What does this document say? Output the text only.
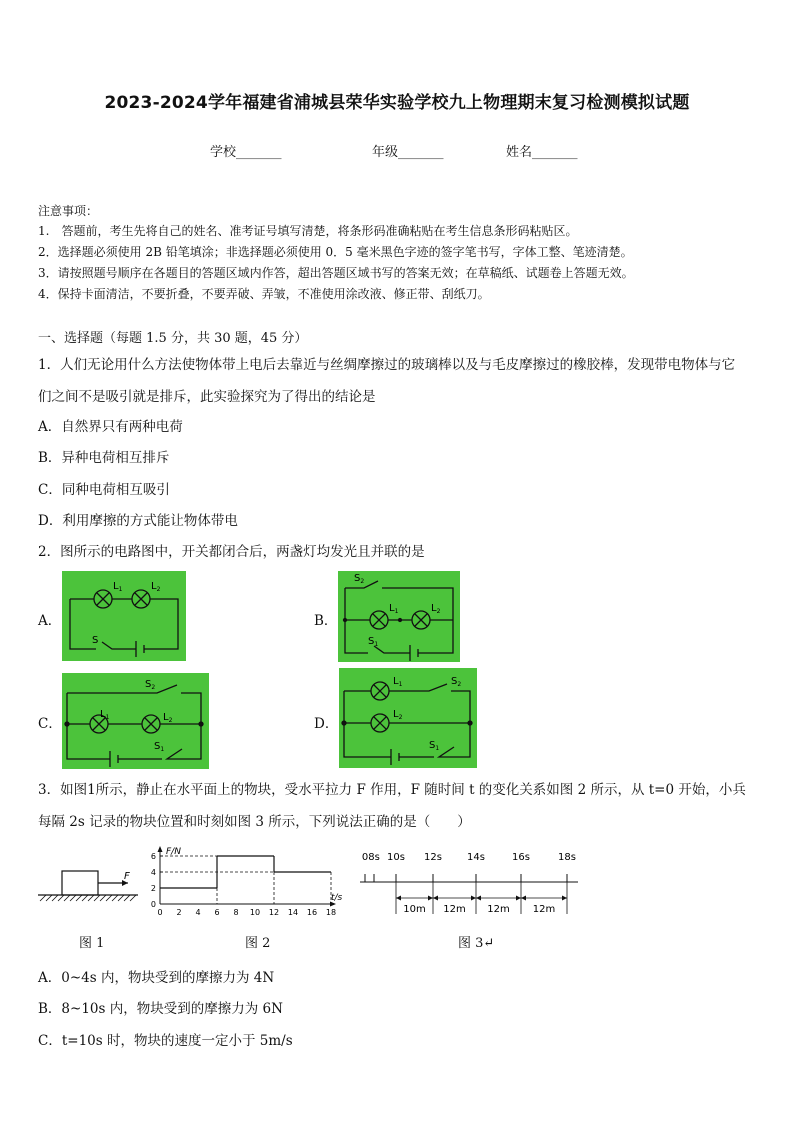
2023-2024学年福建省浦城县荣华实验学校九上物理期末复习检测模拟试题
学校_______	年级_______	姓名_______
注意事项：
1.　答题前，考生先将自己的姓名、准考证号填写清楚，将条形码准确粘贴在考生信息条形码粘贴区。
2．选择题必须使用 2B 铅笔填涂；非选择题必须使用 0．5 毫米黑色字迹的签字笔书写，字体工整、笔迹清楚。
3．请按照题号顺序在各题目的答题区域内作答，超出答题区域书写的答案无效；在草稿纸、试题卷上答题无效。
4．保持卡面清洁，不要折叠，不要弄破、弄皱，不准使用涂改液、修正带、刮纸刀。
一、选择题（每题 1.5 分，共 30 题，45 分）
1．人们无论用什么方法使物体带上电后去靠近与丝绸摩擦过的玻璃棒以及与毛皮摩擦过的橡胶棒，发现带电物体与它
们之间不是吸引就是排斥，此实验探究为了得出的结论是
A．自然界只有两种电荷
B．异种电荷相互排斥
C．同种电荷相互吸引
D．利用摩擦的方式能让物体带电
2．图所示的电路图中，开关都闭合后，两盏灯均发光且并联的是
A．	B．
C．	D．
$L_1$	$L_2$
S
$S_2$
$L_1$	$L_2$
$S_1$
$S_2$
$L_1$	$L_2$
$S_1$
$L_1$	$S_2$
$L_2$
$S_1$
3．如图1所示，静止在水平面上的物块，受水平拉力 F 作用，F 随时间 t 的变化关系如图 2 所示，从 t=0 开始，小兵
每隔 2s 记录的物块位置和时刻如图 3 所示，下列说法正确的是（　　）
F
图 1
F/N
t/s
0 2 4 6 8 10 12 14 16 18
0
2
4
6
图 2
0 8s 10s 12s	14s	16s	18s
10m 12m 12m 12m
图 3↵
A．0~4s 内，物块受到的摩擦力为 4N
B．8~10s 内，物块受到的摩擦力为 6N
C．t=10s 时，物块的速度一定小于 5m/s
